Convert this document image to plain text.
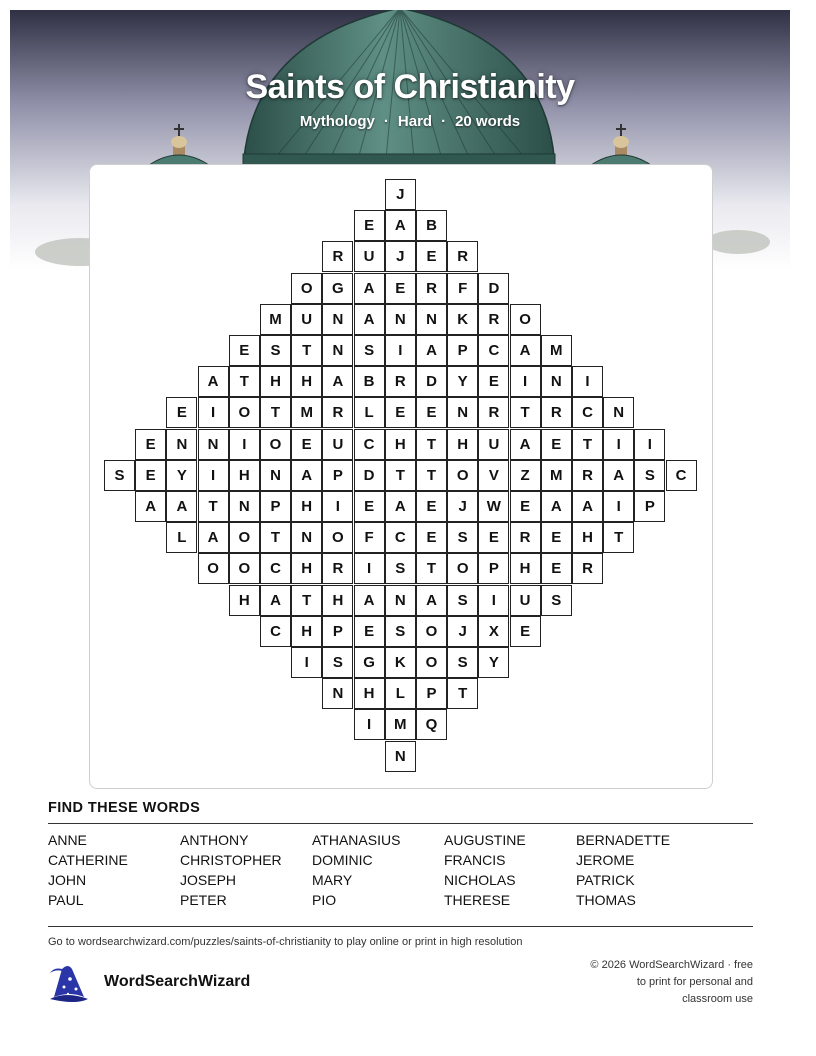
Saints of Christianity
Mythology · Hard · 20 words
J
E	A	B
R	U	J	E	R
O	G	A	E	R	F	D
M	U	N	A	N	N	K	R	O
E	S	T	N	S	I	A	P	C	A	M
A	T	H	H	A	B	R	D	Y	E	I	N	I
E	I	O	T	M	R	L	E	E	N	R	T	R	C	N
E	N	N	I	O	E	U	C	H	T	H	U	A	E	T	I	I
S	E	Y	I	H	N	A	P	D	T	T	O	V	Z	M	R	A	S	C
A	A	T	N	P	H	I	E	A	E	J	W	E	A	A	I	P
L	A	O	T	N	O	F	C	E	S	E	R	E	H	T
O	O	C	H	R	I	S	T	O	P	H	E	R
H	A	T	H	A	N	A	S	I	U	S
C	H	P	E	S	O	J	X	E
I	S	G	K	O	S	Y
N	H	L	P	T
I	M	Q
N
FIND THESE WORDS
ANNE	ANTHONY	ATHANASIUS	AUGUSTINE	BERNADETTE
CATHERINE	CHRISTOPHER DOMINIC	FRANCIS	JEROME
JOHN	JOSEPH	MARY	NICHOLAS	PATRICK
PAUL	PETER	PIO	THERESE	THOMAS
Go to wordsearchwizard.com/puzzles/saints-of-christianity to play online or print in high resolution
WordSearchWizard
© 2026 WordSearchWizard · free to print for personal and classroom use
